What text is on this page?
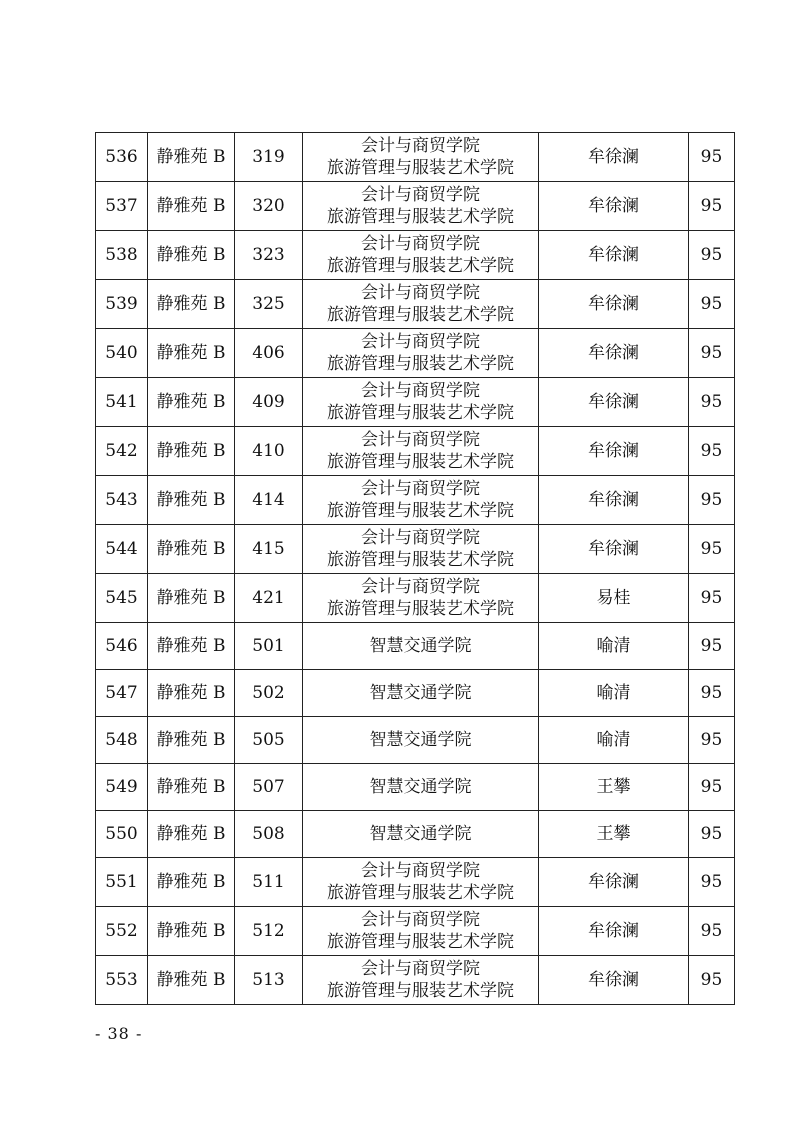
536	静雅苑 B	319	会计与商贸学院
旅游管理与服装艺术学院	牟徐澜	95
537	静雅苑 B	320	会计与商贸学院
旅游管理与服装艺术学院	牟徐澜	95
538	静雅苑 B	323	会计与商贸学院
旅游管理与服装艺术学院	牟徐澜	95
539	静雅苑 B	325	会计与商贸学院
旅游管理与服装艺术学院	牟徐澜	95
540	静雅苑 B	406	会计与商贸学院
旅游管理与服装艺术学院	牟徐澜	95
541	静雅苑 B	409	会计与商贸学院
旅游管理与服装艺术学院	牟徐澜	95
542	静雅苑 B	410	会计与商贸学院
旅游管理与服装艺术学院	牟徐澜	95
543	静雅苑 B	414	会计与商贸学院
旅游管理与服装艺术学院	牟徐澜	95
544	静雅苑 B	415	会计与商贸学院
旅游管理与服装艺术学院	牟徐澜	95
545	静雅苑 B	421	会计与商贸学院
旅游管理与服装艺术学院	易桂	95
546	静雅苑 B	501	智慧交通学院	喻清	95
547	静雅苑 B	502	智慧交通学院	喻清	95
548	静雅苑 B	505	智慧交通学院	喻清	95
549	静雅苑 B	507	智慧交通学院	王攀	95
550	静雅苑 B	508	智慧交通学院	王攀	95
551	静雅苑 B	511	会计与商贸学院
旅游管理与服装艺术学院	牟徐澜	95
552	静雅苑 B	512	会计与商贸学院
旅游管理与服装艺术学院	牟徐澜	95
553	静雅苑 B	513	会计与商贸学院
旅游管理与服装艺术学院	牟徐澜	95
- 38 -
